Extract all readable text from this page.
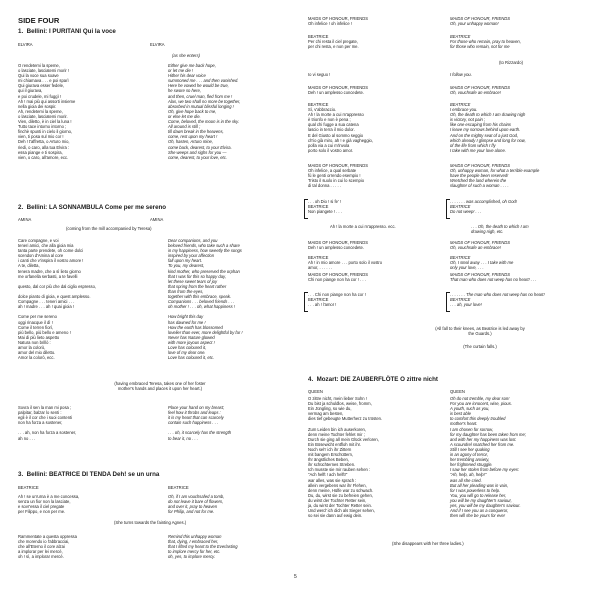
SIDE FOUR
1.  Bellini: I PURITANI Qui la voce
ELVIRA	ELVIRA
(as she enters)
O rendetemi la speme,
o lasciate, lasciatemi morir !
Qui la voce sua soave
mi chiamava . . . e poi sparì
Qui giurava esser fedele,
qui il giurava,
e poi crudele, mi fuggì !
Ah ! mai più qui assorti insieme
nella gioia dei sospir.
Ah, rendetemi la speme,
o lasciate, lasciatemi morir.
Vien, diletto, è in ciel la luna !
Tutto tace intorno intorno ;
finchè spunti in cielo il giorno,
vien, ti posa sul mio cor !
Deh ! t'affretta, o Arturo mio,
riedi, o caro, alla tua Elvira :
essa piange e ti sospira,
vien, o caro, all'amore, ecc.
Either give me back hope,
or let me die !
Hither his dear voice
summoned me . . . and then vanished.
Here he vowed he would be true,
he swore so here,
and then, cruel man, fled from me !
Alas, we two shall no more be together,
absorbed in mutual blissful longing !
Oh, give hope back to me,
or else let me die.
Come, beloved, the moon is in the sky.
All around is still ;
till dawn break in the heavens,
come, rest upon my heart !
Oh, hasten, Arturo mine,
come back, dearest, to your Elvira.
She weeps and sighs for you —
come, dearest, to your love, etc.
2.  Bellini: LA SONNAMBULA Come per me sereno
AMINA	AMINA
(coming from the mill accompanied by Teresa)
Care compagne, e voi
teneri amici, che alla gioia mia
tanta parte prendete, oh come dolci
scendon d'Amina al core
i canti che v'inspira il vostro amore !
A te, diletta,
tenera madre, che a sì lieto giorno
me orfanella serbasti, a te favelli

questo, dal cor più che dal ciglio espresso,

dolce pianto di gioia, e quest amplesso.
Compagne . . . teneri amici . . .
ah ! madre . . . ah ! quai gioia !

Come per me sereno
oggi rinacque il dì !
Come il terren fiorì,
più bello, più bello e ameno !
Mai di più lieto aspetto
Natura non brillò :
amor la colorò,
amor del mio diletto.
Amor la colorò, ecc.
Dear companions, and you
beloved friends, who take such a share
in my happiness, how sweetly the songs
inspired by your affection
fall upon my heart.
To you, my dearest,
kind mother, who preserved the orphan
that I was for this so happy day,
let these sweet tears of joy
that spring from the heart rather
than from the eyes,
together with this embrace, speak.
Companions . . . beloved friends . . .
oh mother ! . . . oh, what happiness !

How bright this day
has dawned for me !
How the earth has blossomed
lovelier than ever, more delightful by far !
Never has Nature glowed
with more joyous aspect !
Love has coloured it,
love of my dear one.
Love has coloured it, etc.
(having embraced Teresa, takes one of her foster
mother's hands and places it upon her heart.)
Sovra il sen la man mi posa ;
palpitar, balzar lo senti :
egli è il cor che i suoi contenti
non ha forza a sostener,

. . . ah, non ha forza a sostener,
ah no . . .
Place your hand on my breast;
feel how it throbs and leaps :
it is my heart that can scarcely
contain such happiness . . .

. . . oh, it scarcely has the strength
to bear it, no . . .
3.  Bellini: BEATRICE DI TENDA Deh! se un urna
BEATRICE	BEATRICE
Ah ! se un'urna è a me concessa,
senza un fior non la lasciate,
e sovr'essa il ciel pregate
per Filippo, e non per me.
Oh, if I am vouchsafed a tomb,
do not leave it bare of flowers,
and over it, pray to heaven
for Philip, and not for me.
(She turns towards the fainting Agnes.)
Rammentate a questa oppressa
che morendo io l'abbracciai,
che all'Eterno il core alzai
a implorar per lei mercè,
oh ! sì, a implorar mercè.
Remind this unhappy woman
that, dying, I embraced her,
that I lifted my heart to the Everlasting
to implore mercy for her, etc.
oh, yes, to implore mercy.
MAIDS OF HONOUR, FRIENDS
Oh infelice ! oh infelice !
MAIDS OF HONOUR, FRIENDS
Oh, your unhappy woman!
BEATRICE
Per chi resta il ciel pregate,
per chi resta, e non per me.
BEATRICE
For those who remain, pray to heaven,
for those who remain, not for me
(to Rizzardo)
Io vi seguo !	I follow you.
MAIDS OF HONOUR, FRIENDS
Deh ! un amplesso concedete.
MAIDS OF HONOUR, FRIENDS
Oh, vouchsafe an embrace!
BEATRICE
Sì, v'abbraccio.
Ah ! la morte a cui m'appresso
è trionfo e non è pena ;
qual chi fugge a sua catena
lascio in terra il mio dolor.
E del Giusto al sommo seggio
ch'io già miro, ah ! e già vagheggio,
polla via a cui m'invola
porto solo il vostro amor.
BEATRICE
I embrace you.
Oh, the death to which I am drawing nigh
is victory, not pain ;
like one escaping from his chains
I leave my sorrows behind upon earth.
And on the mighty seat of a just God,
which already I glimpse and long for now,
of the life from which I fly
I take with me your love alone.
MAIDS OF HONOUR, FRIENDS
Oh infelice, a qual serbate
fù le genti orrendo esempio !
Tristo il suolo in cui lo scempio
di tal donna . . . . .
MAIDS OF HONOUR, FRIENDS
Oh, unhappy woman, for what a terrible example
have the people been reserved!
Wretched the land wherein the
slaughter of such a woman . . . .
. . . oh Dio ! si fe' !
BEATRICE
Non piangete ! . . .
. . . . . . . was accomplished, oh God!
BEATRICE
Do not weep! . . .
Ah ! la morte a cui m'appresso. ecc.	. . . Oh, the death to which I am
drawing nigh, etc.
MAIDS OF HONOUR, FRIENDS
Deh ! un amplesso concedete.
MAIDS OF HONOUR, FRIENDS
Oh, vouchsafe an embrace!
BEATRICE
Ah ! in mio amore . . . porto solo il vostro
amor, . . . . . .
BEATRICE
Oh, I steal away . . . I take with me
only your love, . . .
MAIDS OF HONOUR, FRIENDS
Chi non piange non ha cor ! . . .
MAIDS OF HONOUR, FRIENDS
That man who does not weep has no heart! . . .
. . . Chi non piange non ha cor !
BEATRICE
. . . ah ! l'amor !
. . . . . . . The man who does not weep has no heart!
BEATRICE
. . . ah, your love!
(All fall to their knees, as Beatrice is led away by
the Guards.)
(The curtain falls.)
4.  Mozart: DIE ZAUBERFLÖTE O zittre nicht
QUEEN	QUEEN
O zittre nicht, mein lieber Sohn !
Du bist ja schuldlos, weise, fromm,
Ein Jüngling, so wie du,
vermag am besten,
dies tief gebeugte Mutterherz zu trösten.

Zum Leiden bin ich auserkoren,
denn meine Tochter fehlet mir ;
Durch sie ging all mein Glück verloren,
Ein Bösewicht entfloh mit ihr.
Noch seh' ich ihr Zittern
mit bangem Erschüttern,
Ihr ängstliches Beben,
ihr schüchternes Streben.
Ich musste sie mir rauben sehen :
"Ach helft ! ach helft!"
war alles, was sie sprach :
allein vergebens war ihr Flehen,
denn meine, Hülfe war zu schwach.
Du, du, wirst sie zu befreien gehen,
du wirst der Tochter Retter sein,
ja, du wirst der Tochter Retter sein.
Und werd' ich dich als Sieger sehen,
so sei sie dann auf ewig dein.
Oh do not tremble, my dear son!
For you are innocent, wise, pious.
A youth, such as you,
is best able
to comfort this deeply troubled
mother's heart.
I am chosen for sorrow,
for my daughter has been taken from me;
and with her my happiness was lost.
A scoundrel snatched her from me.
Still I see her quaking
in an agony of terror,
her trembling anxiety,
her frightened struggle.
I saw her stolen from before my eyes:
"Ah, help, ah, help!"
was all she cried.
But all her pleading was in vain,
for I was powerless to help.
You, you will go to release her,
you will be my daughter's saviour,
yes, you will be my daughter's saviour.
And if I see you as a conqueror,
then will she be yours for ever
(She disappears with her three ladies.)
5
